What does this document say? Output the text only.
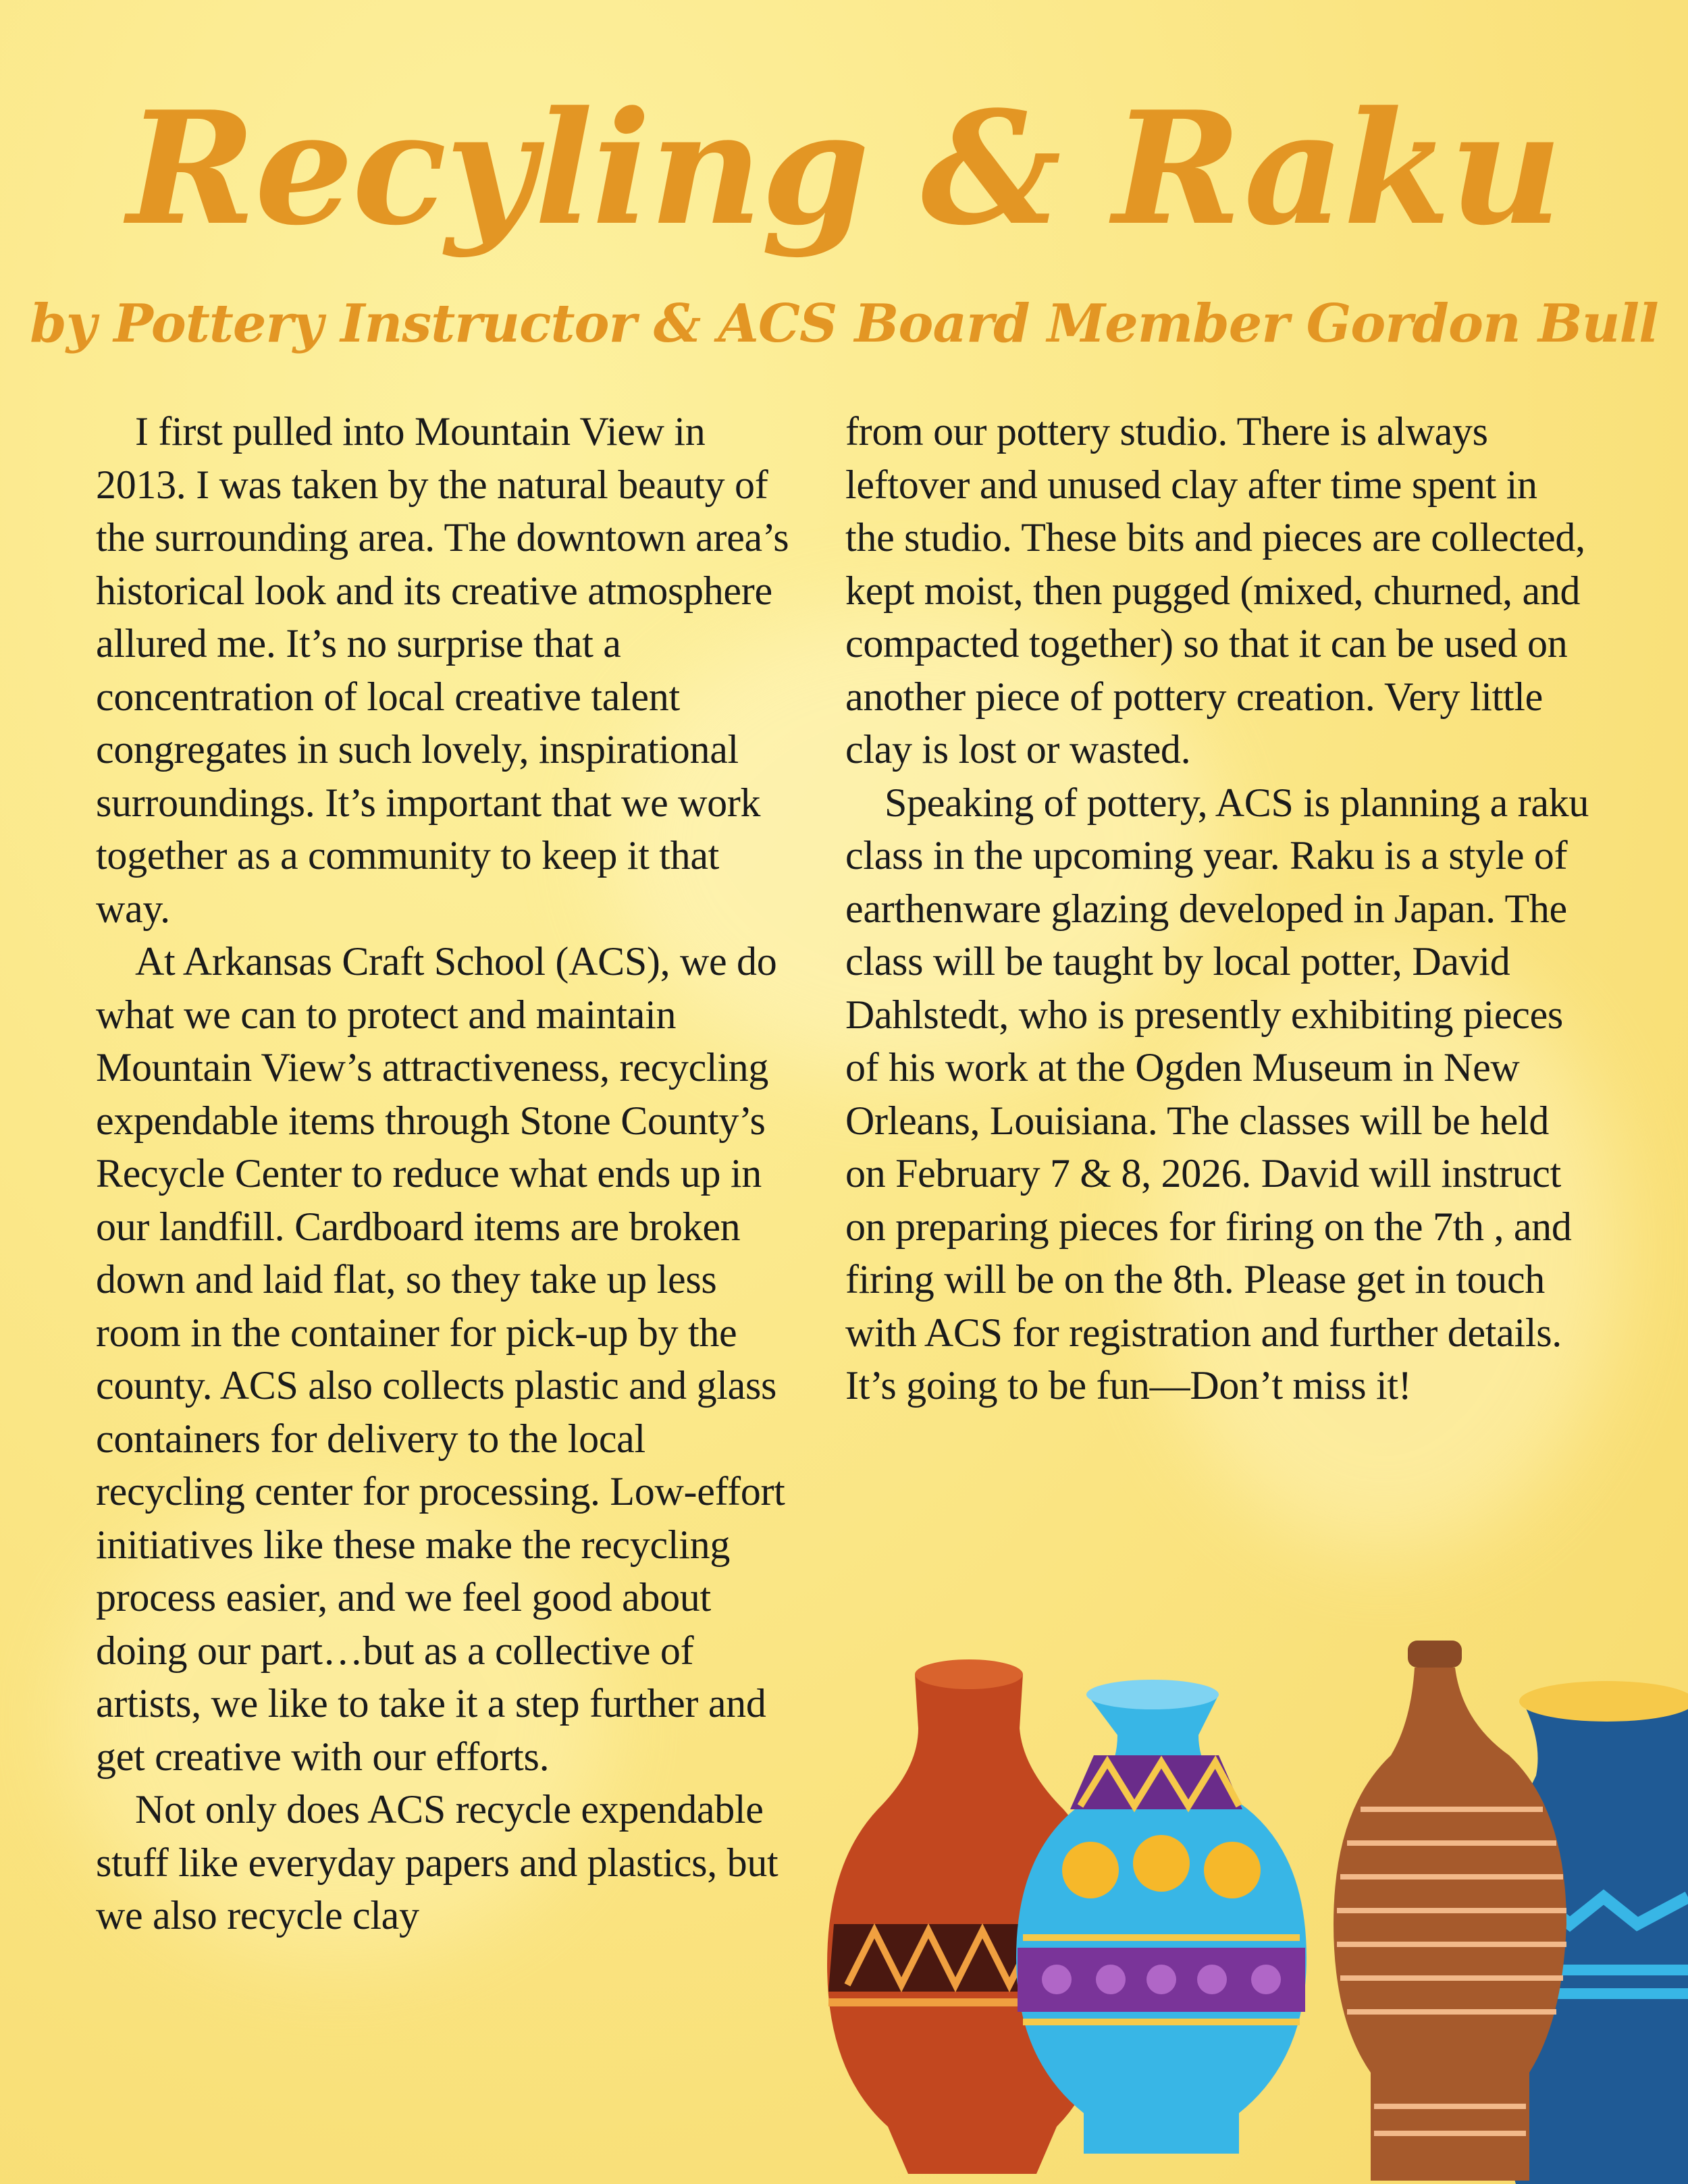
Recyling & Raku
by Pottery Instructor & ACS Board Member Gordon Bull

I first pulled into Mountain View in 2013. I was taken by the natural beauty of the surrounding area. The downtown area’s historical look and its creative atmosphere allured me. It’s no surprise that a concentration of local creative talent congregates in such lovely, inspirational surroundings. It’s important that we work together as a community to keep it that way.

At Arkansas Craft School (ACS), we do what we can to protect and maintain Mountain View’s attractiveness, recycling expendable items through Stone County’s Recycle Center to reduce what ends up in our landfill. Cardboard items are broken down and laid flat, so they take up less room in the container for pick-up by the county. ACS also collects plastic and glass containers for delivery to the local recycling center for processing. Low-effort initiatives like these make the recycling process easier, and we feel good about doing our part…but as a collective of artists, we like to take it a step further and get creative with our efforts.

Not only does ACS recycle expendable stuff like everyday papers and plastics, but we also recycle clay

from our pottery studio. There is always leftover and unused clay after time spent in the studio. These bits and pieces are collected, kept moist, then pugged (mixed, churned, and compacted together) so that it can be used on another piece of pottery creation. Very little clay is lost or wasted.

Speaking of pottery, ACS is planning a raku class in the upcoming year. Raku is a style of earthenware glazing developed in Japan. The class will be taught by local potter, David Dahlstedt, who is presently exhibiting pieces of his work at the Ogden Museum in New Orleans, Louisiana. The classes will be held on February 7 & 8, 2026. David will instruct on preparing pieces for firing on the 7th , and firing will be on the 8th. Please get in touch with ACS for registration and further details. It’s going to be fun—Don’t miss it!
